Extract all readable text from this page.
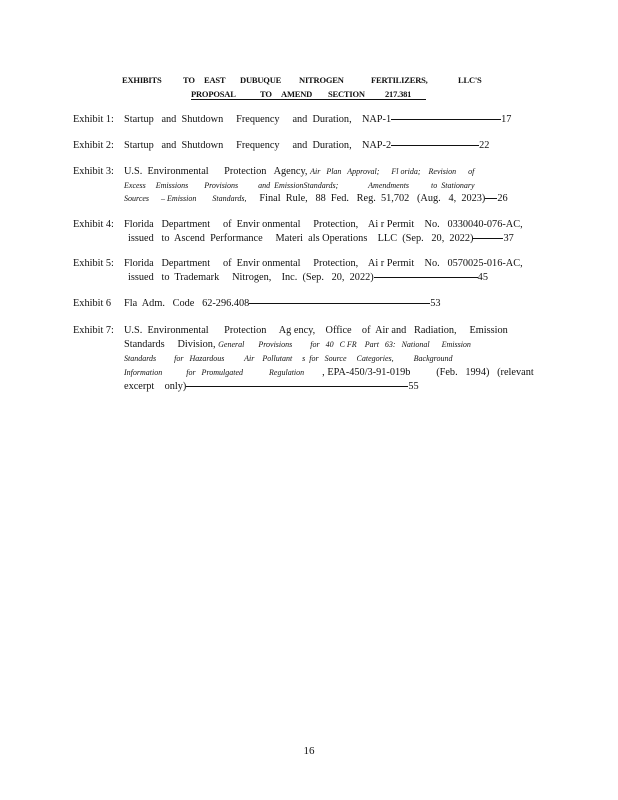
EXHIBITS	TO EAST DUBUQUE NITROGEN	FERTILIZERS,	LLC'S
PROPOSAL	TO AMEND SECTION 217.381
Exhibit 1: Startup   and  Shutdown     Frequency     and  Duration,    NAP-1	17
Exhibit 2: Startup   and  Shutdown     Frequency     and  Duration,    NAP-2	22
Exhibit 3: U.S.  Environmental      Protection   Agency, Air   Plan   Approval;      Fl orida;    Revision      of
Excess     Emissions        Provisions          and  EmissionStandards;               Amendments           to  Stationary
Sources      – Emission        Standards, Final  Rule,   88  Fed.   Reg.  51,702   (Aug.   4,  2023) 26
Exhibit 4: Florida   Department     of  Envir onmental     Protection,    Ai r Permit    No.   0330040-076-AC,
issued   to  Ascend  Performance     Materi  als Operations    LLC  (Sep.   20,  2022)	37
Exhibit 5: Florida   Department     of  Envir onmental     Protection,    Ai r Permit    No.   0570025-016-AC,
issued   to  Trademark     Nitrogen,    Inc.  (Sep.   20,  2022)	45
Exhibit 6 Fla  Adm.   Code   62-296.408	53
Exhibit 7: U.S.  Environmental      Protection     Ag ency,    Office    of  Air and   Radiation,     Emission
Standards     Division, General       Provisions         for   40   C FR    Part   63:   National      Emission
Standards         for   Hazardous          Air    Pollutant     s  for   Source     Categories,          Background
Information            for   Promulgated             Regulation , EPA-450/3-91-019b          (Feb.   1994)   (relevant
excerpt    only)	55
16
